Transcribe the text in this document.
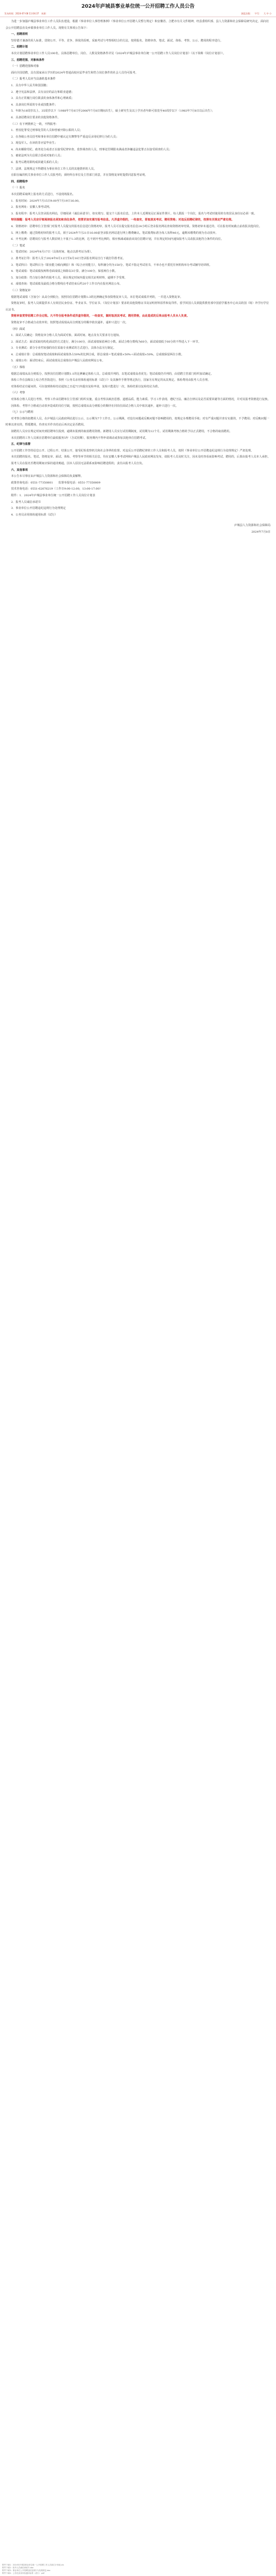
2024年庐城县事业单位统一公开招聘工作人员公告
发布时间：2024-07-08 11:04:37 来源：	浏览次数： 字号： 大 中 小

为进一步加强庐城县事业单位工作人员队伍建设，根据《事业单位人事管理条例》《事业单位公开招聘人员暂行规定》和安徽省、合肥市有关文件精神，经县委组织部、县人力资源和社会保障局研究决定，面向社会公开招聘县直及乡镇事业单位工作人员。现将有关事项公告如下：

一、招聘原则

坚持德才兼备的用人标准，贯彻公开、平等、竞争、择优的原则，采取考试与考察相结合的方法，按照报名、资格审查、笔试、面试、体检、考察、公示、聘用的程序进行。

二、招聘计划

本次计划招聘事业单位工作人员100名，具体招聘单位、岗位、人数及资格条件详见《2024年庐城县事业单位统一公开招聘工作人员岗位计划表》（以下简称《岗位计划表》）。

三、招聘范围、对象和条件

（一）招聘范围和对象

面向全国招聘，具有国家承认学历的2024年普通高校应届毕业生和符合岗位条件的社会人员均可报考。

（二）报考人员应当具备的基本条件

1．具有中华人民共和国国籍；

2．遵守宪法和法律，具有良好的品行和职业道德；

3．具有正常履行岗位职责的身体条件和心理素质；

4．具备岗位所需的专业或技能条件；

5．年龄为18周岁以上、35周岁以下（1988年7月8日至2006年7月8日期间出生），硕士研究生及以上学历者年龄可放宽至40周岁以下（1983年7月8日以后出生）；

6．具备招聘岗位要求的其他资格条件。

（三）有下列情形之一的，不得报考：

1．曾因犯罪受过刑事处罚的人员和曾被开除公职的人员；

2．在各级公务员招考和事业单位招聘中被认定有舞弊等严重违反录用纪律行为的人员；

3．现役军人、在读的非应届毕业生；

4．尚未解除党纪、政务处分或者正在接受纪律审查、监察调查的人员，刑事处罚期限未满或者涉嫌违法犯罪正在接受调查的人员；

5．被依法列为失信联合惩戒对象的人员；

6．报考后聘用即构成回避关系的人员；

7．法律、法规规定不得聘用为事业单位工作人员的其他情形的人员。

在职在编的机关事业单位工作人员报考的，须经所在单位及主管部门同意，并在资格复审时提供同意报考证明。

四、招聘程序

（一）报名

本次招聘采取网上报名的方式进行，不设现场报名。

1．报名时间：2024年7月15日9:00至7月19日16:00。

2．报名网址：安徽人事考试网。

3．报名程序：报考人员登录报名网站，仔细阅读《诚信承诺书》，如实填写、提交个人报名信息，上传本人近期免冠正面证件照片。每人限报一个岗位，报名与考试时使用的有效居民身份证必须一致。

特别提醒：报考人员应仔细阅读报名须知和岗位条件，按要求如实填写报考信息。凡弄虚作假的，一经查实，即取消其考试、聘用资格；对违反招聘纪律的，按照有关规定严肃处理。

4．资格初审：招聘单位主管部门对报考人员提交的报名信息进行资格初审。报考人员可在提交报名信息24小时后登录报名网站查询资格初审结果。资格初审未通过的，可在报名时间截止前改报其他岗位。

5．网上缴费：通过资格初审的报考人员，须于2024年7月21日16:00前登录报名网站进行网上缴费确认。笔试收费标准为每人每科40元，逾期未缴费的视为自动放弃。

6．开考比例：招聘岗位与报考人数原则上不低于1:3的比例，达不到开考比例的，相应核减或取消该岗位招聘计划，并在规定时间内通知报考人员改报其他符合条件的岗位。

（二）笔试

1．笔试时间：2024年8月17日（具体时间、地点以准考证为准）。

2．准考证打印：报考人员于2024年8月12日至8月16日登录报名网站自行下载打印准考证。

3．笔试科目：笔试科目为《职业能力倾向测验》和《综合应用能力》，每科满分均为150分。笔试不指定考试用书，不举办也不委托任何机构举办考试辅导培训班。

4．笔试成绩：笔试成绩按两科卷面成绩之和除以3计算，满分100分，保留两位小数。

5．加分政策：符合加分条件的报考人员，须在规定时间内提交相关证明材料，逾期不予受理。

6．成绩查询：笔试成绩及最低合格分数线在考试结束后约20个工作日内在报名网站公布。

（三）资格复审

根据笔试成绩（含加分）从高分到低分，按照岗位招聘计划数1:3的比例确定参加资格复审人员。末位笔试成绩并列的，一并进入资格复审。

资格复审时，报考人员须提供本人有效居民身份证、毕业证书、学位证书、《岗位计划表》要求的其他资格证书及证明材料原件和复印件。留学回国人员须提供教育部中国留学服务中心出具的国（境）外学历学位认证书。

资格审查贯穿招聘工作全过程。凡不符合报考条件或弄虚作假的，一经查实，随时取消其考试、聘用资格，由此造成的后果由报考人员本人负责。

资格复审不合格或自动放弃的，按照笔试成绩从高分到低分的顺序依次递补，递补只进行一次。

（四）面试

1．面试人员确定：资格复审合格人员为面试对象。面试时间、地点及有关要求另行通知。

2．面试方式：面试采取结构化面试的方式进行，满分100分，面试成绩保留两位小数。面试合格分数线为60分，面试成绩低于60分的不得进入下一环节。

3．专业测试：部分专业性较强的岗位采取专业测试的方式进行，具体办法另行制定。

4．总成绩计算：总成绩按笔试成绩和面试成绩各占50%的比例合成，即总成绩＝笔试成绩×50%＋面试成绩×50%，总成绩保留两位小数。

5．成绩公布：面试结束后，面试成绩及总成绩在庐城县人民政府网站公布。

（五）体检

根据总成绩从高分到低分，按照岗位招聘计划数1:1的比例确定体检人员。总成绩并列的，以笔试成绩高者优先；笔试成绩仍并列的，由招聘主管部门组织加试确定。

体检工作在县级以上综合性医院进行，参照《公务员录用体检通用标准（试行）》及其操作手册等规定执行，国家另有规定的从其规定。体检费用由报考人员自理。

对体检结论有疑问的，可在接到体检结论通知之日起7日内提出复检申请，复检只能进行一次，体检结果以复检结论为准。

（六）考察

对体检合格人员进行考察。考察工作由招聘单位主管部门组织实施，重点考察其政治思想、道德品质、能力素质、学习工作表现、遵纪守法、廉洁自律以及是否需要回避等方面的情况，并对其报考资格进行复核。

因体检、考察不合格或自动放弃造成的岗位空缺，按照总成绩从高分到低分的顺序在同岗位面试合格人员中依次递补，递补只进行一次。

（七）公示与聘用

对考察合格的拟聘用人员，在庐城县人民政府网站进行公示，公示期为7个工作日。公示期满，对没有问题或反映问题不影响聘用的，按规定办理聘用手续；对有严重问题并查有实据的，不予聘用；对反映问题一时难以查实的，暂缓聘用，待查实并作出结论后再决定是否聘用。

拟聘用人员应在规定时间内到招聘单位报到，逾期未报到的取消聘用资格。新聘用人员实行试用期制度，试用期为12个月。试用期满考核合格的予以正式聘用，不合格的取消聘用。

本次招聘的工作人员须在招聘单位最低服务5年（含试用期），服务期内不得申请调动或参加其他单位招聘考试。

五、纪律与监督

公开招聘工作坚持信息公开、过程公开、结果公开，接受纪检监察机关和社会各界的监督。对违反公开招聘纪律的工作人员和报考人员，按照《事业单位公开招聘违纪违规行为处理规定》严肃处理。

本次招聘的报名、笔试、资格复审、面试、体检、考察等环节的相关信息，均在安徽人事考试网和庐城县人民政府网站发布，请报考人员及时关注，因未及时查看而影响考试、聘用的，后果由报考人员本人承担。

报考人员在报名至聘用期间应保持通讯畅通，因本人原因无法联系而影响招聘进程的，责任由报考人员自负。

六、其他事项

本公告未尽事宜由庐城县人力资源和社会保障局负责解释。

政策咨询电话：0551-77350801　　监督举报电话：0551-77350809

技术咨询电话：0551-62676219（工作日9:00-12:00，13:00-17:00）

附件：1．2024年庐城县事业单位统一公开招聘工作人员岗位计划表

2．报考人员诚信承诺书

3．事业单位公开招聘违纪违规行为处理规定

4．公务员录用体检通用标准（试行）

庐城县人力资源和社会保障局

2024年7月8日

附件下载1：2024年庐城县事业单位统一公开招聘工作人员岗位计划表.xls
附件下载2：报考人员诚信承诺书.doc
附件下载3：事业单位公开招聘违纪违规行为处理规定.doc
附件下载4：公务员录用体检通用标准（试行）.pdf
